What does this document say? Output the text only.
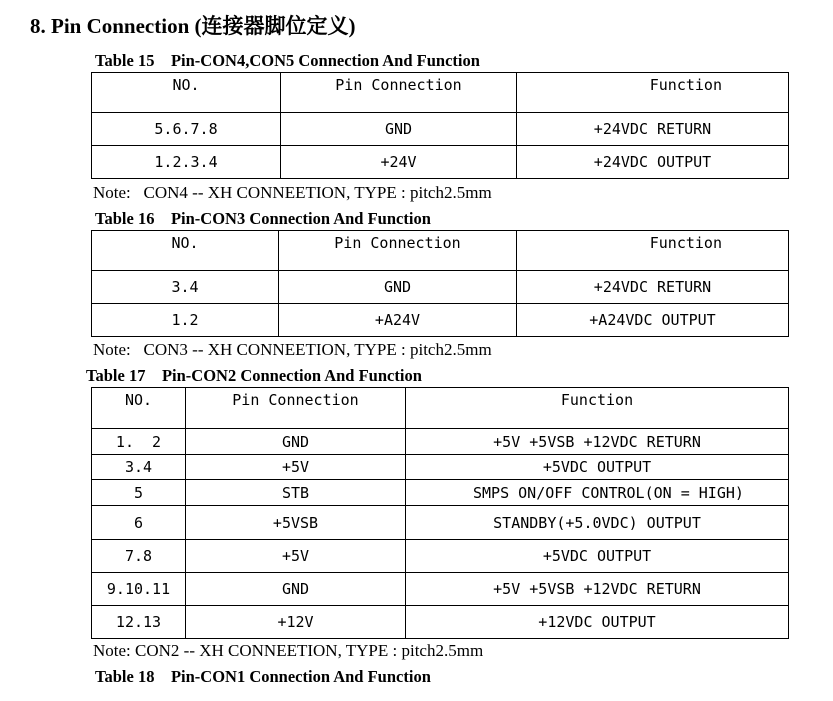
8. Pin Connection (连接器脚位定义)
Table 15    Pin-CON4,CON5 Connection And Function
NO.	Pin Connection	Function
5.6.7.8	GND	+24VDC RETURN
1.2.3.4	+24V	+24VDC OUTPUT
Note:   CON4 -- XH CONNEETION, TYPE : pitch2.5mm
Table 16    Pin-CON3 Connection And Function
NO.	Pin Connection	Function
3.4	GND	+24VDC RETURN
1.2	+A24V	+A24VDC OUTPUT
Note:   CON3 -- XH CONNEETION, TYPE : pitch2.5mm
Table 17    Pin-CON2 Connection And Function
NO.	Pin Connection	Function
1.  2	GND	+5V +5VSB +12VDC RETURN
3.4	+5V	+5VDC OUTPUT
5	STB	SMPS ON/OFF CONTROL(ON = HIGH)
6	+5VSB	STANDBY(+5.0VDC) OUTPUT
7.8	+5V	+5VDC OUTPUT
9.10.11	GND	+5V +5VSB +12VDC RETURN
12.13	+12V	+12VDC OUTPUT
Note: CON2 -- XH CONNEETION, TYPE : pitch2.5mm
Table 18    Pin-CON1 Connection And Function
